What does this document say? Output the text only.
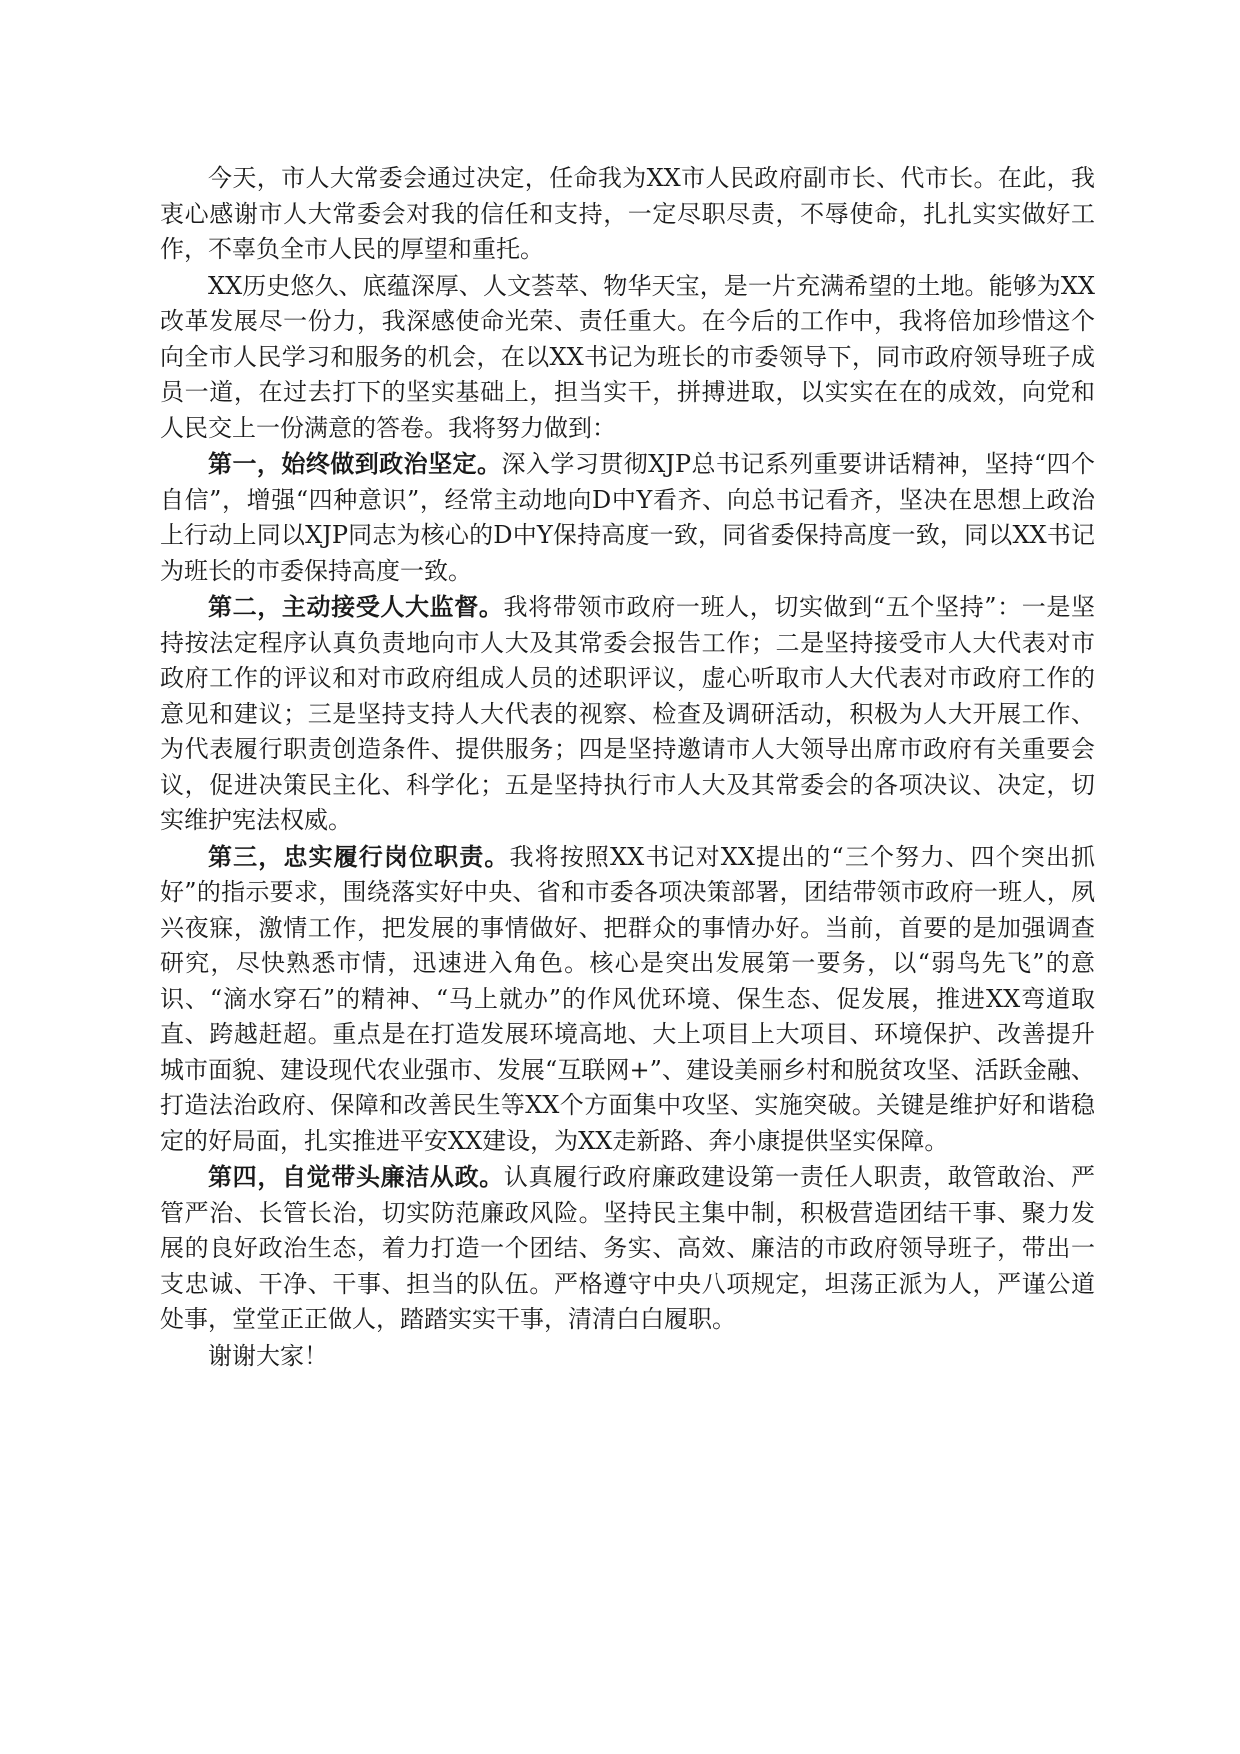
今天，市人大常委会通过决定，任命我为XX市人民政府副市长、代市长。在此，我衷心感谢市人大常委会对我的信任和支持，一定尽职尽责，不辱使命，扎扎实实做好工作，不辜负全市人民的厚望和重托。

XX历史悠久、底蕴深厚、人文荟萃、物华天宝，是一片充满希望的土地。能够为XX改革发展尽一份力，我深感使命光荣、责任重大。在今后的工作中，我将倍加珍惜这个向全市人民学习和服务的机会，在以XX书记为班长的市委领导下，同市政府领导班子成员一道，在过去打下的坚实基础上，担当实干，拼搏进取，以实实在在的成效，向党和人民交上一份满意的答卷。我将努力做到：

第一，始终做到政治坚定。深入学习贯彻XJP总书记系列重要讲话精神，坚持“四个自信”，增强“四种意识”，经常主动地向D中Y看齐、向总书记看齐，坚决在思想上政治上行动上同以XJP同志为核心的D中Y保持高度一致，同省委保持高度一致，同以XX书记为班长的市委保持高度一致。

第二，主动接受人大监督。我将带领市政府一班人，切实做到“五个坚持”：一是坚持按法定程序认真负责地向市人大及其常委会报告工作；二是坚持接受市人大代表对市政府工作的评议和对市政府组成人员的述职评议，虚心听取市人大代表对市政府工作的意见和建议；三是坚持支持人大代表的视察、检查及调研活动，积极为人大开展工作、为代表履行职责创造条件、提供服务；四是坚持邀请市人大领导出席市政府有关重要会议，促进决策民主化、科学化；五是坚持执行市人大及其常委会的各项决议、决定，切实维护宪法权威。

第三，忠实履行岗位职责。我将按照XX书记对XX提出的“三个努力、四个突出抓好”的指示要求，围绕落实好中央、省和市委各项决策部署，团结带领市政府一班人，夙兴夜寐，激情工作，把发展的事情做好、把群众的事情办好。当前，首要的是加强调查研究，尽快熟悉市情，迅速进入角色。核心是突出发展第一要务，以“弱鸟先飞”的意识、“滴水穿石”的精神、“马上就办”的作风优环境、保生态、促发展，推进XX弯道取直、跨越赶超。重点是在打造发展环境高地、大上项目上大项目、环境保护、改善提升城市面貌、建设现代农业强市、发展“互联网+”、建设美丽乡村和脱贫攻坚、活跃金融、打造法治政府、保障和改善民生等XX个方面集中攻坚、实施突破。关键是维护好和谐稳定的好局面，扎实推进平安XX建设，为XX走新路、奔小康提供坚实保障。

第四，自觉带头廉洁从政。认真履行政府廉政建设第一责任人职责，敢管敢治、严管严治、长管长治，切实防范廉政风险。坚持民主集中制，积极营造团结干事、聚力发展的良好政治生态，着力打造一个团结、务实、高效、廉洁的市政府领导班子，带出一支忠诚、干净、干事、担当的队伍。严格遵守中央八项规定，坦荡正派为人，严谨公道处事，堂堂正正做人，踏踏实实干事，清清白白履职。

谢谢大家！
